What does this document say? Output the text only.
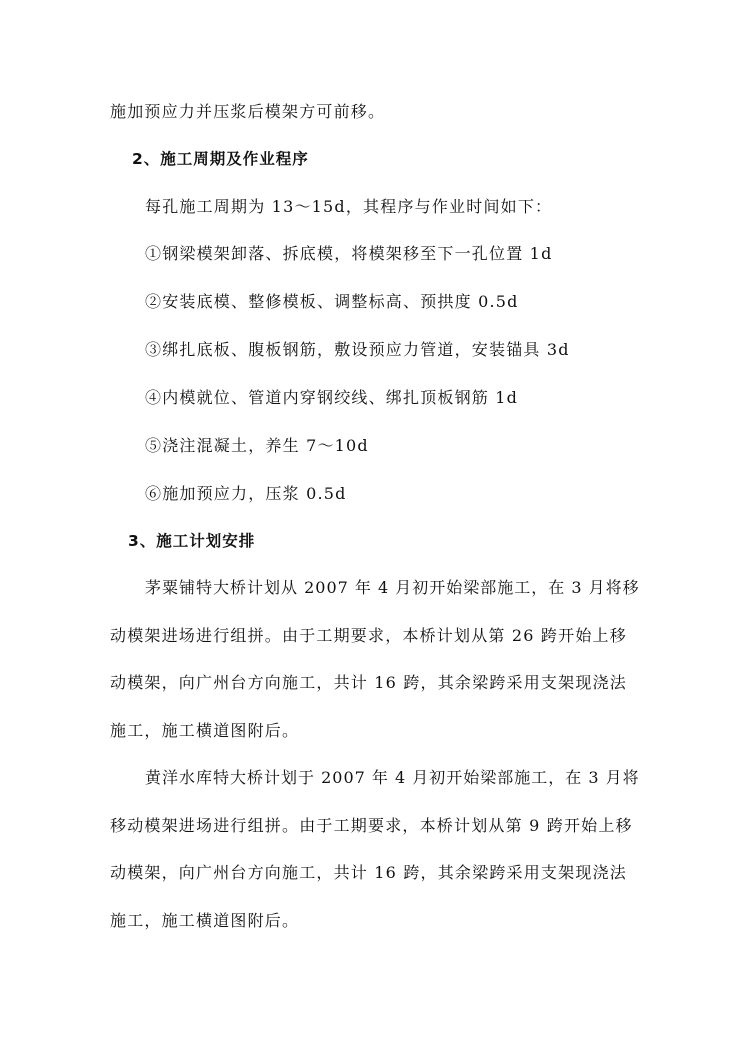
施加预应力并压浆后模架方可前移。
2、施工周期及作业程序
每孔施工周期为 13～15d，其程序与作业时间如下：
①钢梁模架卸落、拆底模，将模架移至下一孔位置 1d
②安装底模、整修模板、调整标高、预拱度 0.5d
③绑扎底板、腹板钢筋，敷设预应力管道，安装锚具 3d
④内模就位、管道内穿钢绞线、绑扎顶板钢筋 1d
⑤浇注混凝土，养生 7～10d
⑥施加预应力，压浆 0.5d
3、施工计划安排
茅粟铺特大桥计划从 2007 年 4 月初开始梁部施工，在 3 月将移
动模架进场进行组拼。由于工期要求，本桥计划从第 26 跨开始上移
动模架，向广州台方向施工，共计 16 跨，其余梁跨采用支架现浇法
施工，施工横道图附后。
黄洋水库特大桥计划于 2007 年 4 月初开始梁部施工，在 3 月将
移动模架进场进行组拼。由于工期要求，本桥计划从第 9 跨开始上移
动模架，向广州台方向施工，共计 16 跨，其余梁跨采用支架现浇法
施工，施工横道图附后。
